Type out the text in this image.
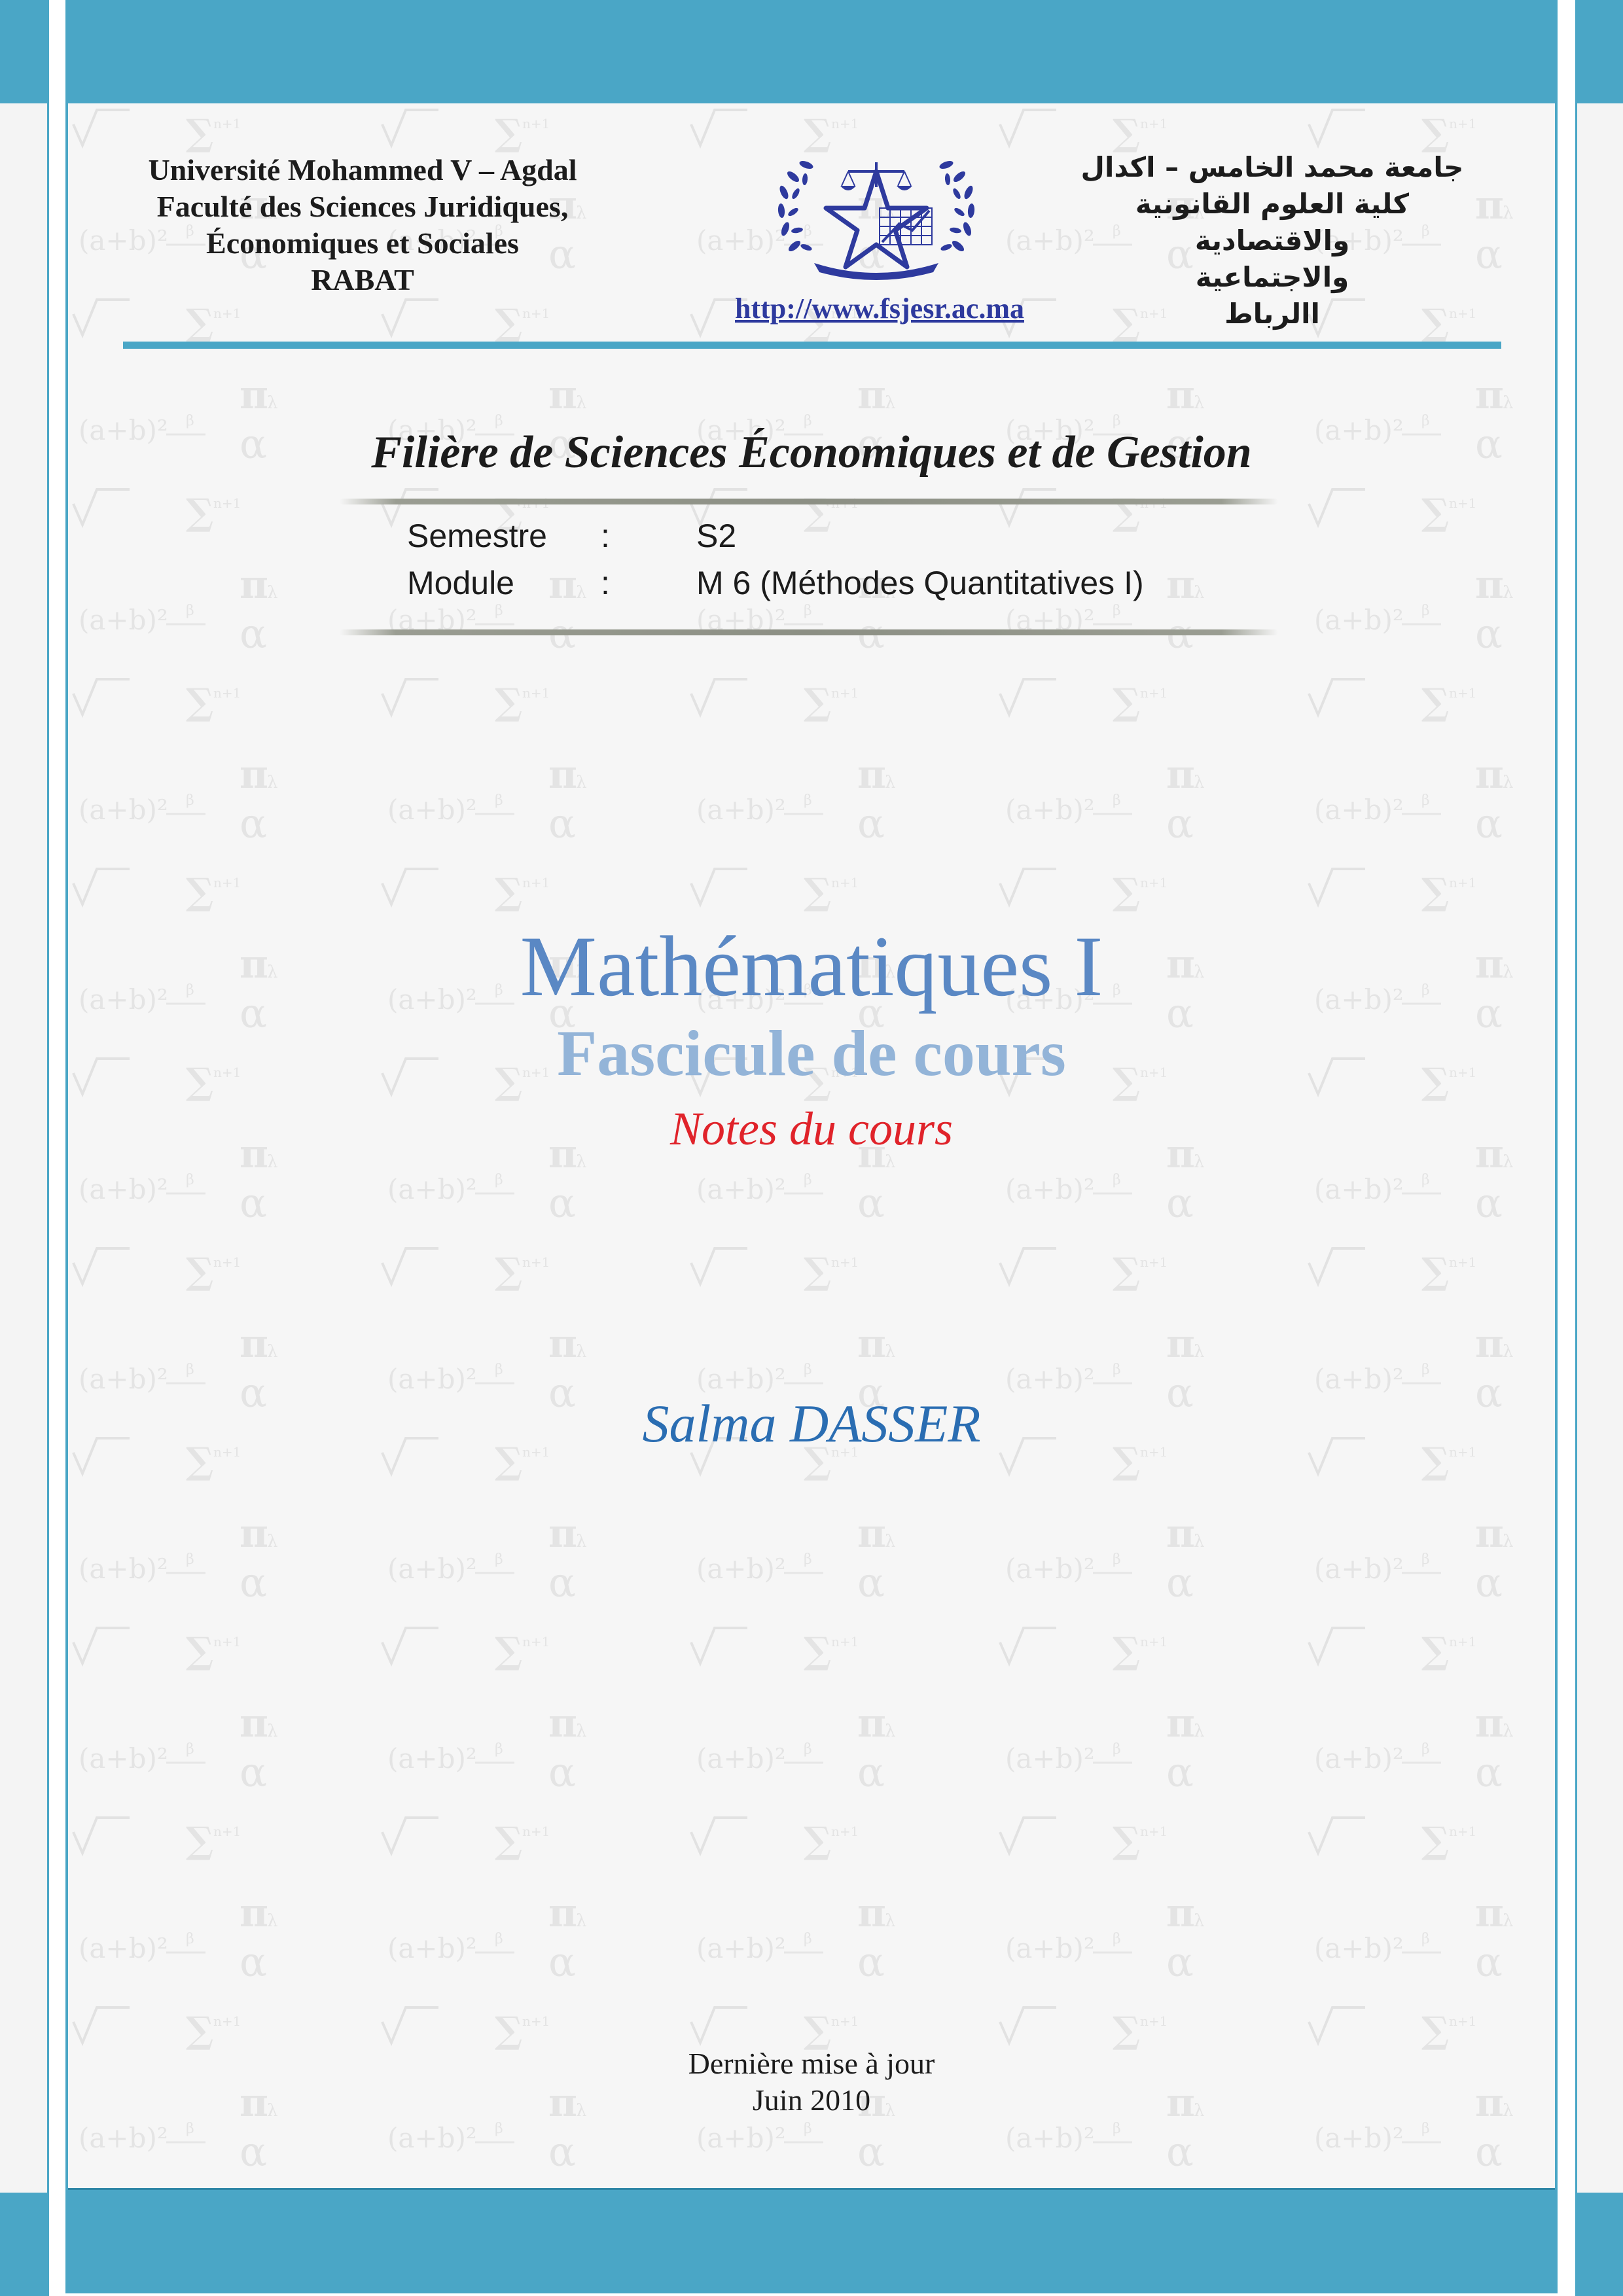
Université Mohammed V – Agdal
Faculté des Sciences Juridiques,
Économiques et Sociales
RABAT
http://www.fsjesr.ac.ma
جامعة محمد الخامس – اكدال
كلية العلوم القانونية والاقتصادية
والاجتماعية
االرباط
Filière de Sciences Économiques et de Gestion
Semestre :	S2
Module	:	M 6 (Méthodes Quantitatives I)
Mathématiques I
Fascicule de cours
Notes du cours
Salma DASSER
Dernière mise à jour
Juin 2010
